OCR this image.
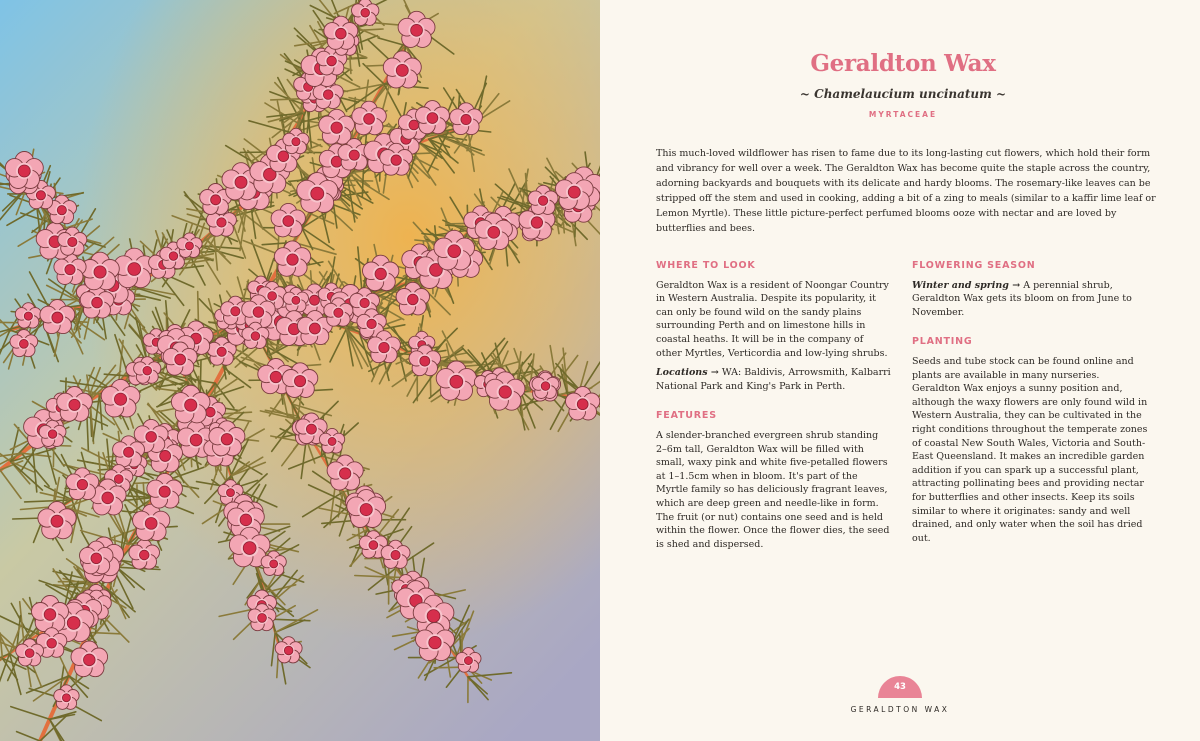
Geraldton Wax
~ Chamelaucium uncinatum ~
MYRTACEAE

This much-loved wildflower has risen to fame due to its long-lasting cut flowers, which hold their form and vibrancy for well over a week. The Geraldton Wax has become quite the staple across the country, adorning backyards and bouquets with its delicate and hardy blooms. The rosemary-like leaves can be stripped off the stem and used in cooking, adding a bit of a zing to meals (similar to a kaffir lime leaf or Lemon Myrtle). These little picture-perfect perfumed blooms ooze with nectar and are loved by butterflies and bees.

WHERE TO LOOK

Geraldton Wax is a resident of Noongar Country in Western Australia. Despite its popularity, it can only be found wild on the sandy plains surrounding Perth and on limestone hills in coastal heaths. It will be in the company of other Myrtles, Verticordia and low-lying shrubs.

Locations → WA: Baldivis, Arrowsmith, Kalbarri National Park and King's Park in Perth.

FEATURES

A slender-branched evergreen shrub standing 2–6m tall, Geraldton Wax will be filled with small, waxy pink and white five-petalled flowers at 1–1.5cm when in bloom. It's part of the Myrtle family so has deliciously fragrant leaves, which are deep green and needle-like in form. The fruit (or nut) contains one seed and is held within the flower. Once the flower dies, the seed is shed and dispersed.

FLOWERING SEASON

Winter and spring → A perennial shrub, Geraldton Wax gets its bloom on from June to November.

PLANTING

Seeds and tube stock can be found online and plants are available in many nurseries. Geraldton Wax enjoys a sunny position and, although the waxy flowers are only found wild in Western Australia, they can be cultivated in the right conditions throughout the temperate zones of coastal New South Wales, Victoria and South-East Queensland. It makes an incredible garden addition if you can spark up a successful plant, attracting pollinating bees and providing nectar for butterflies and other insects. Keep its soils similar to where it originates: sandy and well drained, and only water when the soil has dried out.

43
GERALDTON WAX
